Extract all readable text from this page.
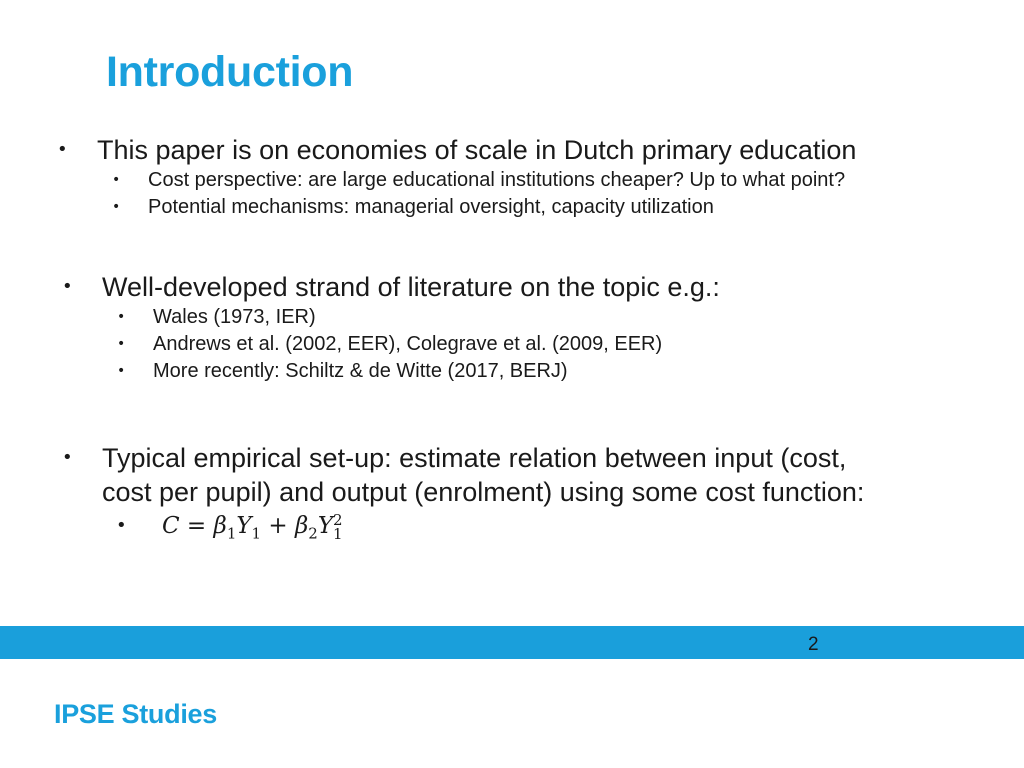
Introduction
• This paper is on economies of scale in Dutch primary education
• Cost perspective: are large educational institutions cheaper? Up to what point?
• Potential mechanisms: managerial oversight, capacity utilization
• Well-developed strand of literature on the topic e.g.:
• Wales (1973, IER)
• Andrews et al. (2002, EER), Colegrave et al. (2009, EER)
• More recently: Schiltz & de Witte (2017, BERJ)
• Typical empirical set-up: estimate relation between input (cost,
cost per pupil) and output (enrolment) using some cost function:
• $C = \beta_1Y_1 + \beta_2Y$ 2
1
2
IPSE Studies
